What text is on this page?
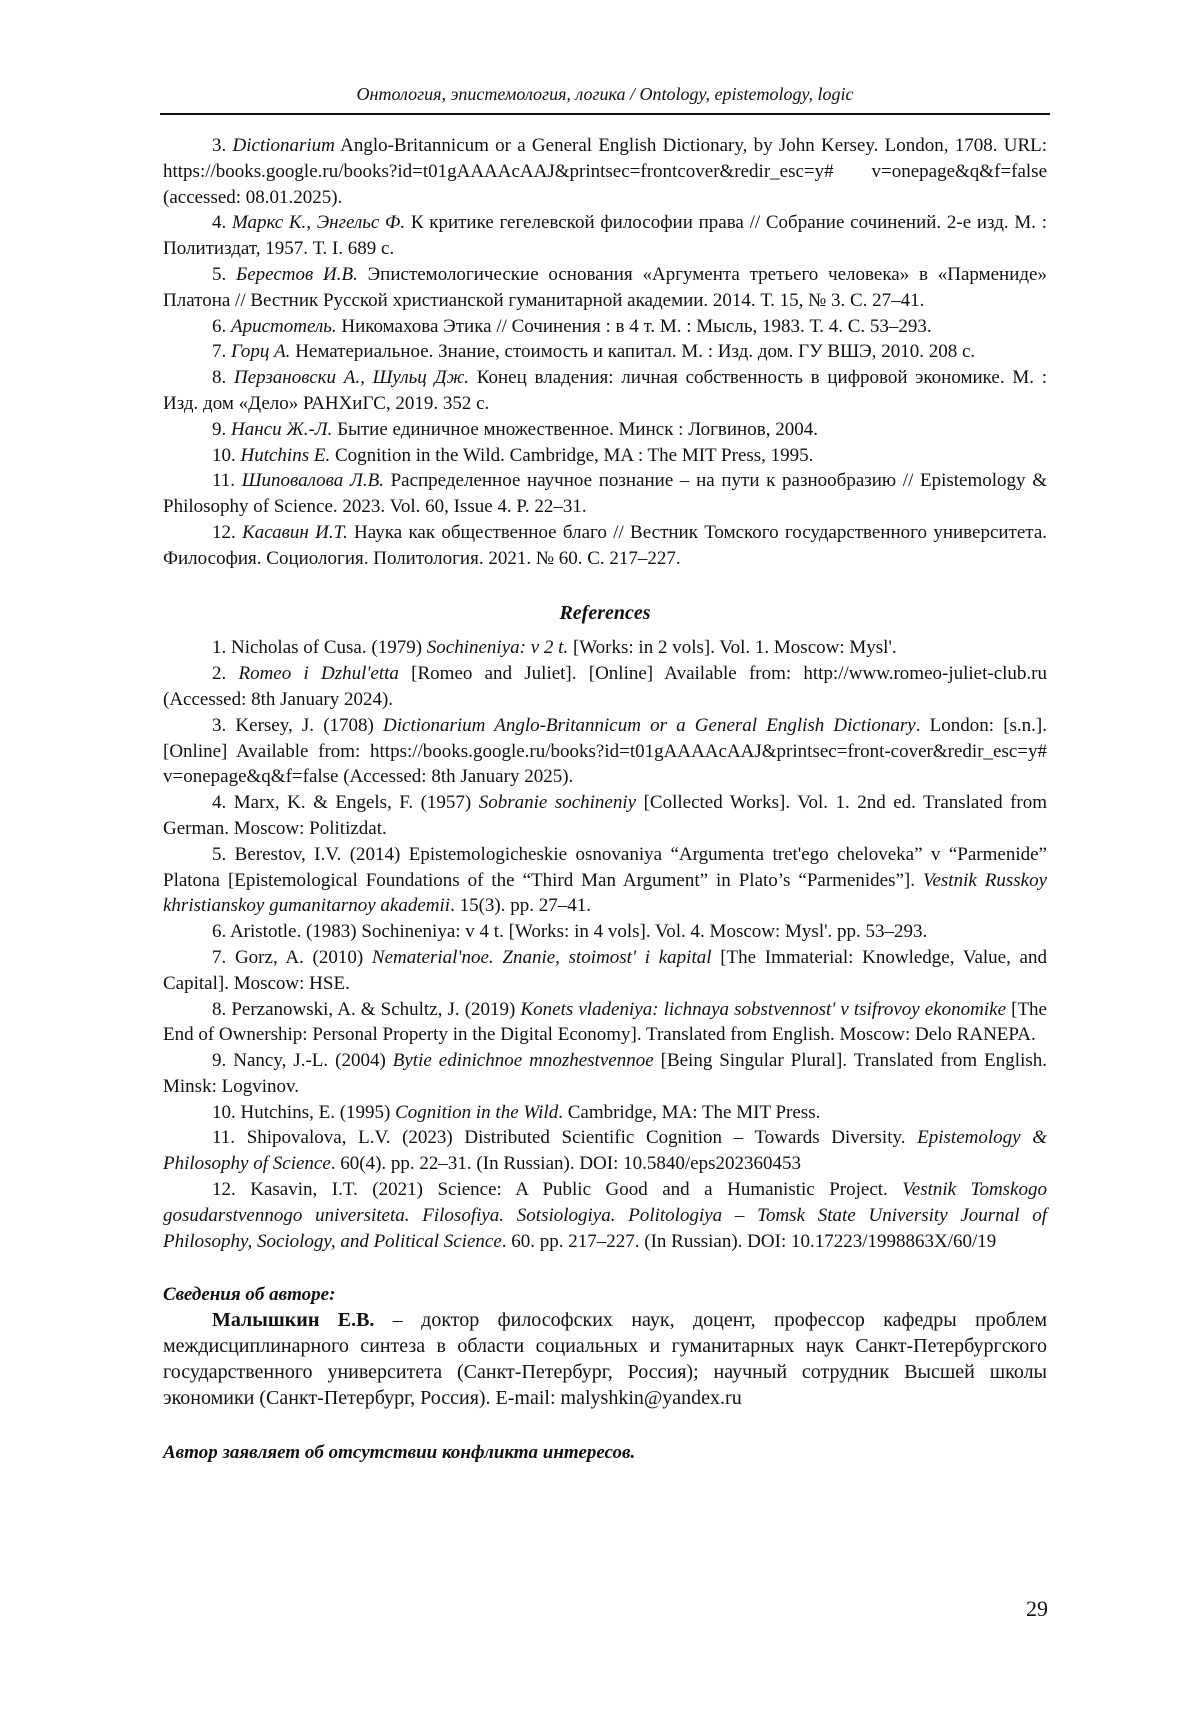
Онтология, эпистемология, логика / Ontology, epistemology, logic

3. Dictionarium Anglo-Britannicum or a General English Dictionary, by John Kersey. London, 1708. URL: https://books.google.ru/books?id=t01gAAAAcAAJ&printsec=frontcover&redir_esc=y# v=onepage&q&f=false (accessed: 08.01.2025).

4. Маркс К., Энгельс Ф. К критике гегелевской философии права // Собрание сочинений. 2-е изд. М. : Политиздат, 1957. Т. I. 689 с.

5. Берестов И.В. Эпистемологические основания «Аргумента третьего человека» в «Пармениде» Платона // Вестник Русской христианской гуманитарной академии. 2014. Т. 15, № 3. С. 27–41.

6. Аристотель. Никомахова Этика // Сочинения : в 4 т. М. : Мысль, 1983. Т. 4. С. 53–293.

7. Горц А. Нематериальное. Знание, стоимость и капитал. М. : Изд. дом. ГУ ВШЭ, 2010. 208 с.

8. Перзановски А., Шульц Дж. Конец владения: личная собственность в цифровой экономике. М. : Изд. дом «Дело» РАНХиГС, 2019. 352 с.

9. Нанси Ж.-Л. Бытие единичное множественное. Минск : Логвинов, 2004.

10. Hutchins E. Cognition in the Wild. Cambridge, MA : The MIT Press, 1995.

11. Шиповалова Л.В. Распределенное научное познание – на пути к разнообразию // Epistemology & Philosophy of Science. 2023. Vol. 60, Issue 4. P. 22–31.

12. Касавин И.Т. Наука как общественное благо // Вестник Томского государственного университета. Философия. Социология. Политология. 2021. № 60. С. 217–227.

References

1. Nicholas of Cusa. (1979) Sochineniya: v 2 t. [Works: in 2 vols]. Vol. 1. Moscow: Mysl'.

2. Romeo i Dzhul'etta [Romeo and Juliet]. [Online] Available from: http://www.romeo-juliet-club.ru (Accessed: 8th January 2024).

3. Kersey, J. (1708) Dictionarium Anglo-Britannicum or a General English Dictionary. London: [s.n.]. [Online] Available from: https://books.google.ru/books?id=t01gAAAAcAAJ&printsec=front-cover&redir_esc=y# v=onepage&q&f=false (Accessed: 8th January 2025).

4. Marx, K. & Engels, F. (1957) Sobranie sochineniy [Collected Works]. Vol. 1. 2nd ed. Translated from German. Moscow: Politizdat.

5. Berestov, I.V. (2014) Epistemologicheskie osnovaniya “Argumenta tret'ego cheloveka” v “Parmenide” Platona [Epistemological Foundations of the “Third Man Argument” in Plato’s “Parmenides”]. Vestnik Russkoy khristianskoy gumanitarnoy akademii. 15(3). pp. 27–41.

6. Aristotle. (1983) Sochineniya: v 4 t. [Works: in 4 vols]. Vol. 4. Moscow: Mysl'. pp. 53–293.

7. Gorz, A. (2010) Nematerial'noe. Znanie, stoimost' i kapital [The Immaterial: Knowledge, Value, and Capital]. Moscow: HSE.

8. Perzanowski, A. & Schultz, J. (2019) Konets vladeniya: lichnaya sobstvennost' v tsifrovoy ekonomike [The End of Ownership: Personal Property in the Digital Economy]. Translated from English. Moscow: Delo RANEPA.

9. Nancy, J.-L. (2004) Bytie edinichnoe mnozhestvennoe [Being Singular Plural]. Translated from English. Minsk: Logvinov.

10. Hutchins, E. (1995) Cognition in the Wild. Cambridge, MA: The MIT Press.

11. Shipovalova, L.V. (2023) Distributed Scientific Cognition – Towards Diversity. Epistemology & Philosophy of Science. 60(4). pp. 22–31. (In Russian). DOI: 10.5840/eps202360453

12. Kasavin, I.T. (2021) Science: A Public Good and a Humanistic Project. Vestnik Tomskogo gosudarstvennogo universiteta. Filosofiya. Sotsiologiya. Politologiya – Tomsk State University Journal of Philosophy, Sociology, and Political Science. 60. pp. 217–227. (In Russian). DOI: 10.17223/1998863X/60/19

Сведения об авторе:

Малышкин Е.В. – доктор философских наук, доцент, профессор кафедры проблем междисциплинарного синтеза в области социальных и гуманитарных наук Санкт-Петербургского государственного университета (Санкт-Петербург, Россия); научный сотрудник Высшей школы экономики (Санкт-Петербург, Россия). E-mail: malyshkin@yandex.ru

Автор заявляет об отсутствии конфликта интересов.
29
